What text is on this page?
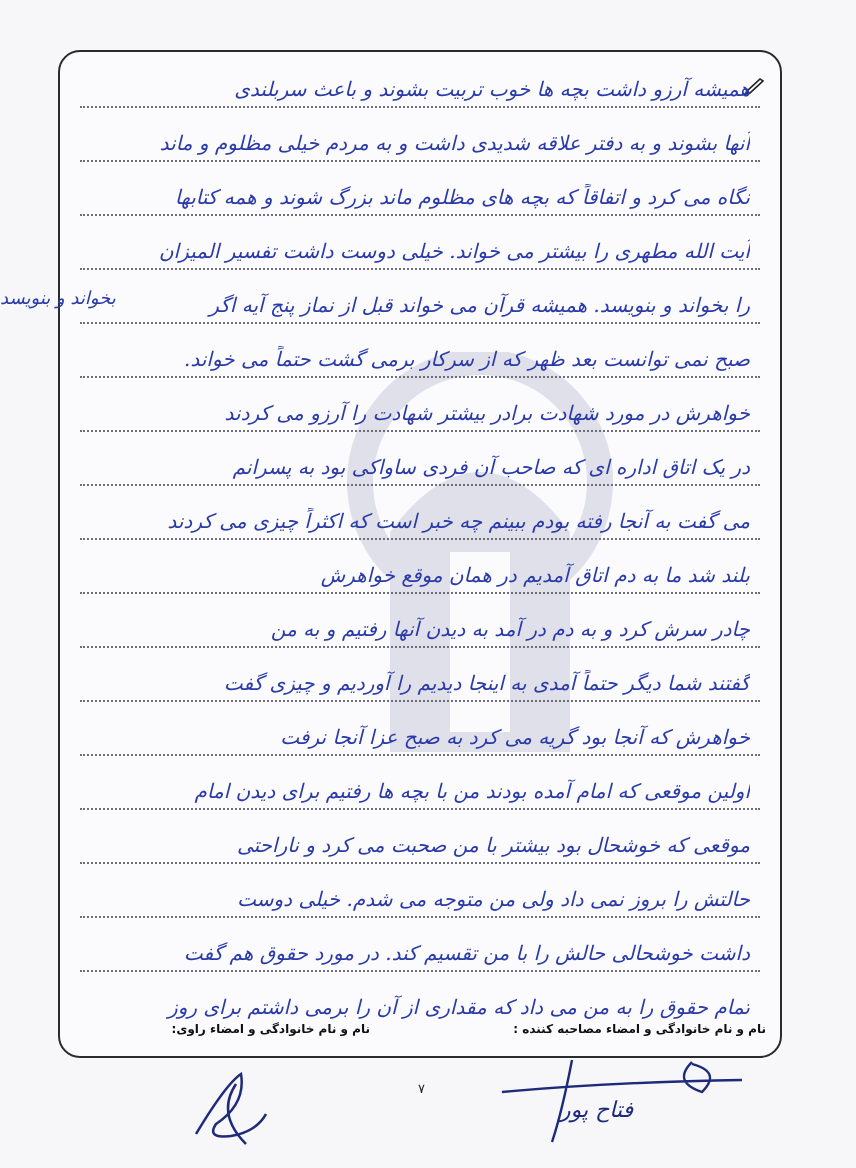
همیشه آرزو داشت بچه ها خوب تربیت بشوند و باعث سربلندی
آنها بشوند و به دفتر علاقه شدیدی داشت و به مردم خیلی مظلوم و ماند
نگاه می کرد و اتفاقاً که بچه های مظلوم ماند بزرگ شوند و همه کتابها
آیت الله مطهری را بیشتر می خواند. خیلی دوست داشت تفسیر المیزان
را بخواند و بنویسد. همیشه قرآن می خواند قبل از نماز پنج آیه اگر
صبح نمی توانست بعد ظهر که از سرکار برمی گشت حتماً می خواند.
خواهرش در مورد شهادت برادر بیشتر شهادت را آرزو می کردند
در یک اتاق اداره ای که صاحب آن فردی ساواکی بود به پسرانم
می گفت به آنجا رفته بودم ببینم چه خبر است که اکثراً چیزی می کردند
بلند شد ما به دم اتاق آمدیم در همان موقع خواهرش
چادر سرش کرد و به دم در آمد به دیدن آنها رفتیم و به من
گفتند شما دیگر حتماً آمدی به اینجا دیدیم را آوردیم و چیزی گفت
خواهرش که آنجا بود گریه می کرد به صبح عزا آنجا نرفت
اولین موقعی که امام آمده بودند من با بچه ها رفتیم برای دیدن امام
موقعی که خوشحال بود بیشتر با من صحبت می کرد و ناراحتی
حالتش را بروز نمی داد ولی من متوجه می شدم. خیلی دوست
داشت خوشحالی حالش را با من تقسیم کند. در مورد حقوق هم گفت
تمام حقوق را به من می داد که مقداری از آن را برمی داشتم برای روز
نام و نام خانوادگی و امضاء مصاحبه کننده :
نام و نام خانوادگی و امضاء راوی:
بخواند و بنویسد
۷
فتاح پور
